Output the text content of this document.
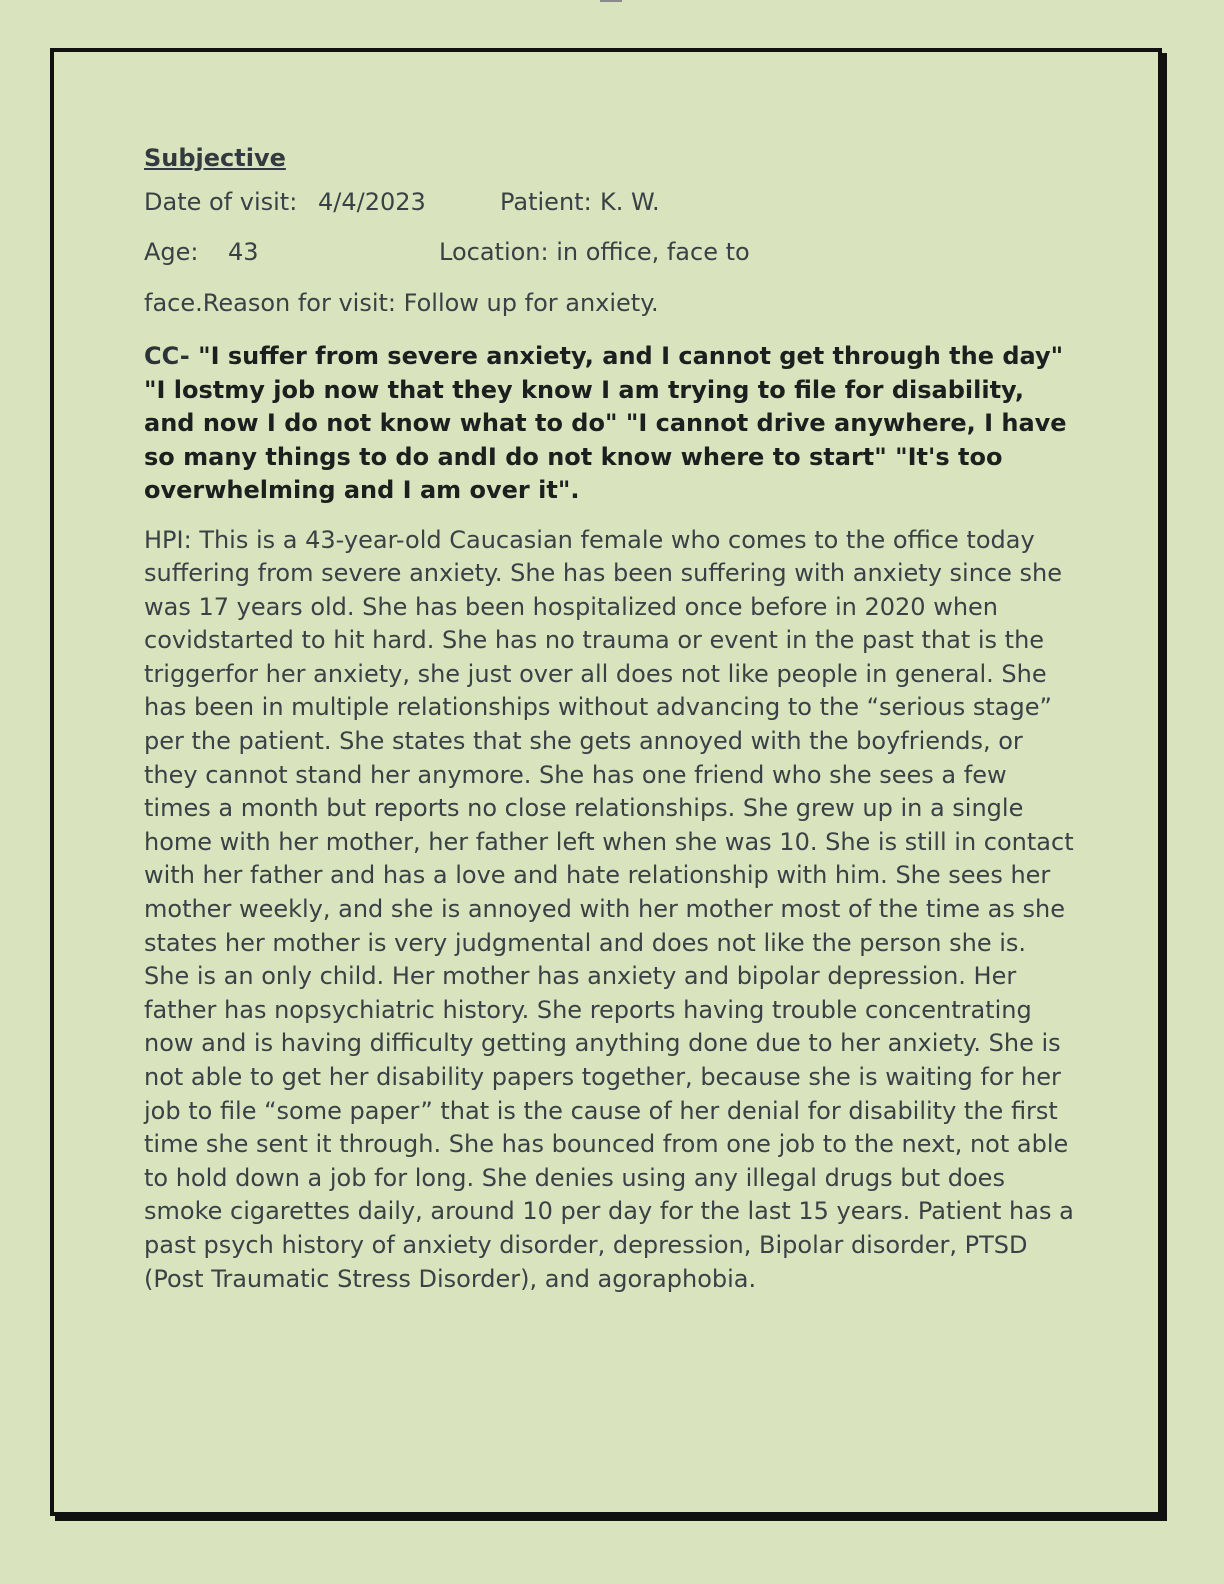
Subjective
Date of visit: 4/4/2023	Patient: K. W.
Age: 43	Location: in office, face to
face.Reason for visit: Follow up for anxiety.

CC- "I suffer from severe anxiety, and I cannot get through the day" "I lostmy job now that they know I am trying to file for disability, and now I do not know what to do" "I cannot drive anywhere, I have so many things to do andI do not know where to start" "It's too overwhelming and I am over it".

HPI: This is a 43-year-old Caucasian female who comes to the office today suffering from severe anxiety. She has been suffering with anxiety since she was 17 years old. She has been hospitalized once before in 2020 when covidstarted to hit hard. She has no trauma or event in the past that is the triggerfor her anxiety, she just over all does not like people in general. She has been in multiple relationships without advancing to the “serious stage” per the patient. She states that she gets annoyed with the boyfriends, or they cannot stand her anymore. She has one friend who she sees a few times a month but reports no close relationships. She grew up in a single home with her mother, her father left when she was 10. She is still in contact with her father and has a love and hate relationship with him. She sees her mother weekly, and she is annoyed with her mother most of the time as she states her mother is very judgmental and does not like the person she is. She is an only child. Her mother has anxiety and bipolar depression. Her father has nopsychiatric history. She reports having trouble concentrating now and is having difficulty getting anything done due to her anxiety. She is not able to get her disability papers together, because she is waiting for her job to file “some paper” that is the cause of her denial for disability the first time she sent it through. She has bounced from one job to the next, not able to hold down a job for long. She denies using any illegal drugs but does smoke cigarettes daily, around 10 per day for the last 15 years. Patient has a past psych history of anxiety disorder, depression, Bipolar disorder, PTSD (Post Traumatic Stress Disorder), and agoraphobia.
